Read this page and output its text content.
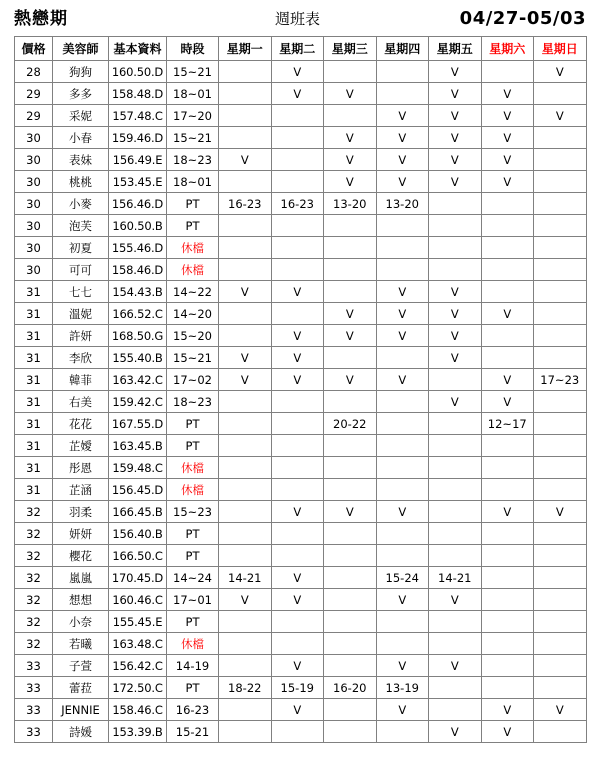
熱戀期	週班表	04/27-05/03
價格	美容師	基本資料	時段	星期一	星期二	星期三	星期四	星期五	星期六	星期日
28	狗狗	160.50.D	15~21		V			V		V
29	多多	158.48.D	18~01		V	V		V	V	
29	采妮	157.48.C	17~20				V	V	V	V
30	小春	159.46.D	15~21			V	V	V	V	
30	表妹	156.49.E	18~23	V		V	V	V	V	
30	桃桃	153.45.E	18~01			V	V	V	V	
30	小麥	156.46.D	PT	16-23	16-23	13-20	13-20			
30	泡芙	160.50.B	PT							
30	初夏	155.46.D	休檔							
30	可可	158.46.D	休檔							
31	七七	154.43.B	14~22	V	V		V	V		
31	溫妮	166.52.C	14~20			V	V	V	V	
31	許妍	168.50.G	15~20		V	V	V	V		
31	李欣	155.40.B	15~21	V	V			V		
31	韓菲	163.42.C	17~02	V	V	V	V		V	17~23
31	右美	159.42.C	18~23					V	V	
31	花花	167.55.D	PT			20-22			12~17	
31	芷嬡	163.45.B	PT							
31	彤恩	159.48.C	休檔							
31	芷涵	156.45.D	休檔							
32	羽柔	166.45.B	15~23		V	V	V		V	V
32	妍妍	156.40.B	PT							
32	櫻花	166.50.C	PT							
32	嵐嵐	170.45.D	14~24	14-21	V		15-24	14-21		
32	想想	160.46.C	17~01	V	V		V	V		
32	小奈	155.45.E	PT							
32	若曦	163.48.C	休檔							
33	子萱	156.42.C	14-19		V		V	V		
33	蕾菈	172.50.C	PT	18-22	15-19	16-20	13-19			
33	JENNIE	158.46.C	16-23		V		V		V	V
33	詩媛	153.39.B	15-21					V	V	
